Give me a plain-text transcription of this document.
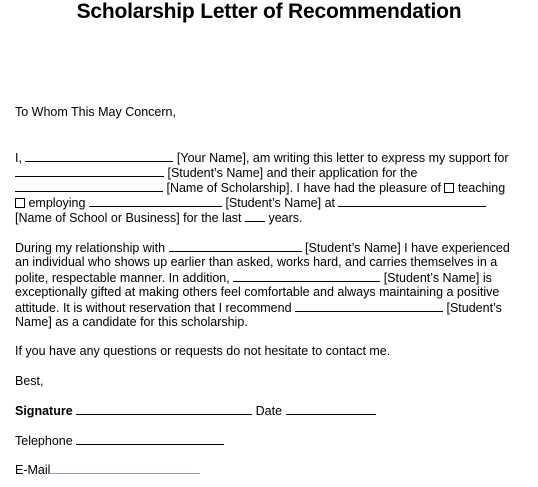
Scholarship Letter of Recommendation
To Whom This May Concern,
I,	[Your Name], am writing this letter to express my support for
[Student’s Name] and their application for the
[Name of Scholarship]. I have had the pleasure of teaching
employing	[Student’s Name] at
[Name of School or Business] for the last years.
During my relationship with	[Student’s Name] I have experienced
an individual who shows up earlier than asked, works hard, and carries themselves in a
polite, respectable manner. In addition,	[Student’s Name] is
exceptionally gifted at making others feel comfortable and always maintaining a positive
attitude. It is without reservation that I recommend	[Student’s
Name] as a candidate for this scholarship.
If you have any questions or requests do not hesitate to contact me.
Best,
Signature	Date
Telephone
E-Mail
